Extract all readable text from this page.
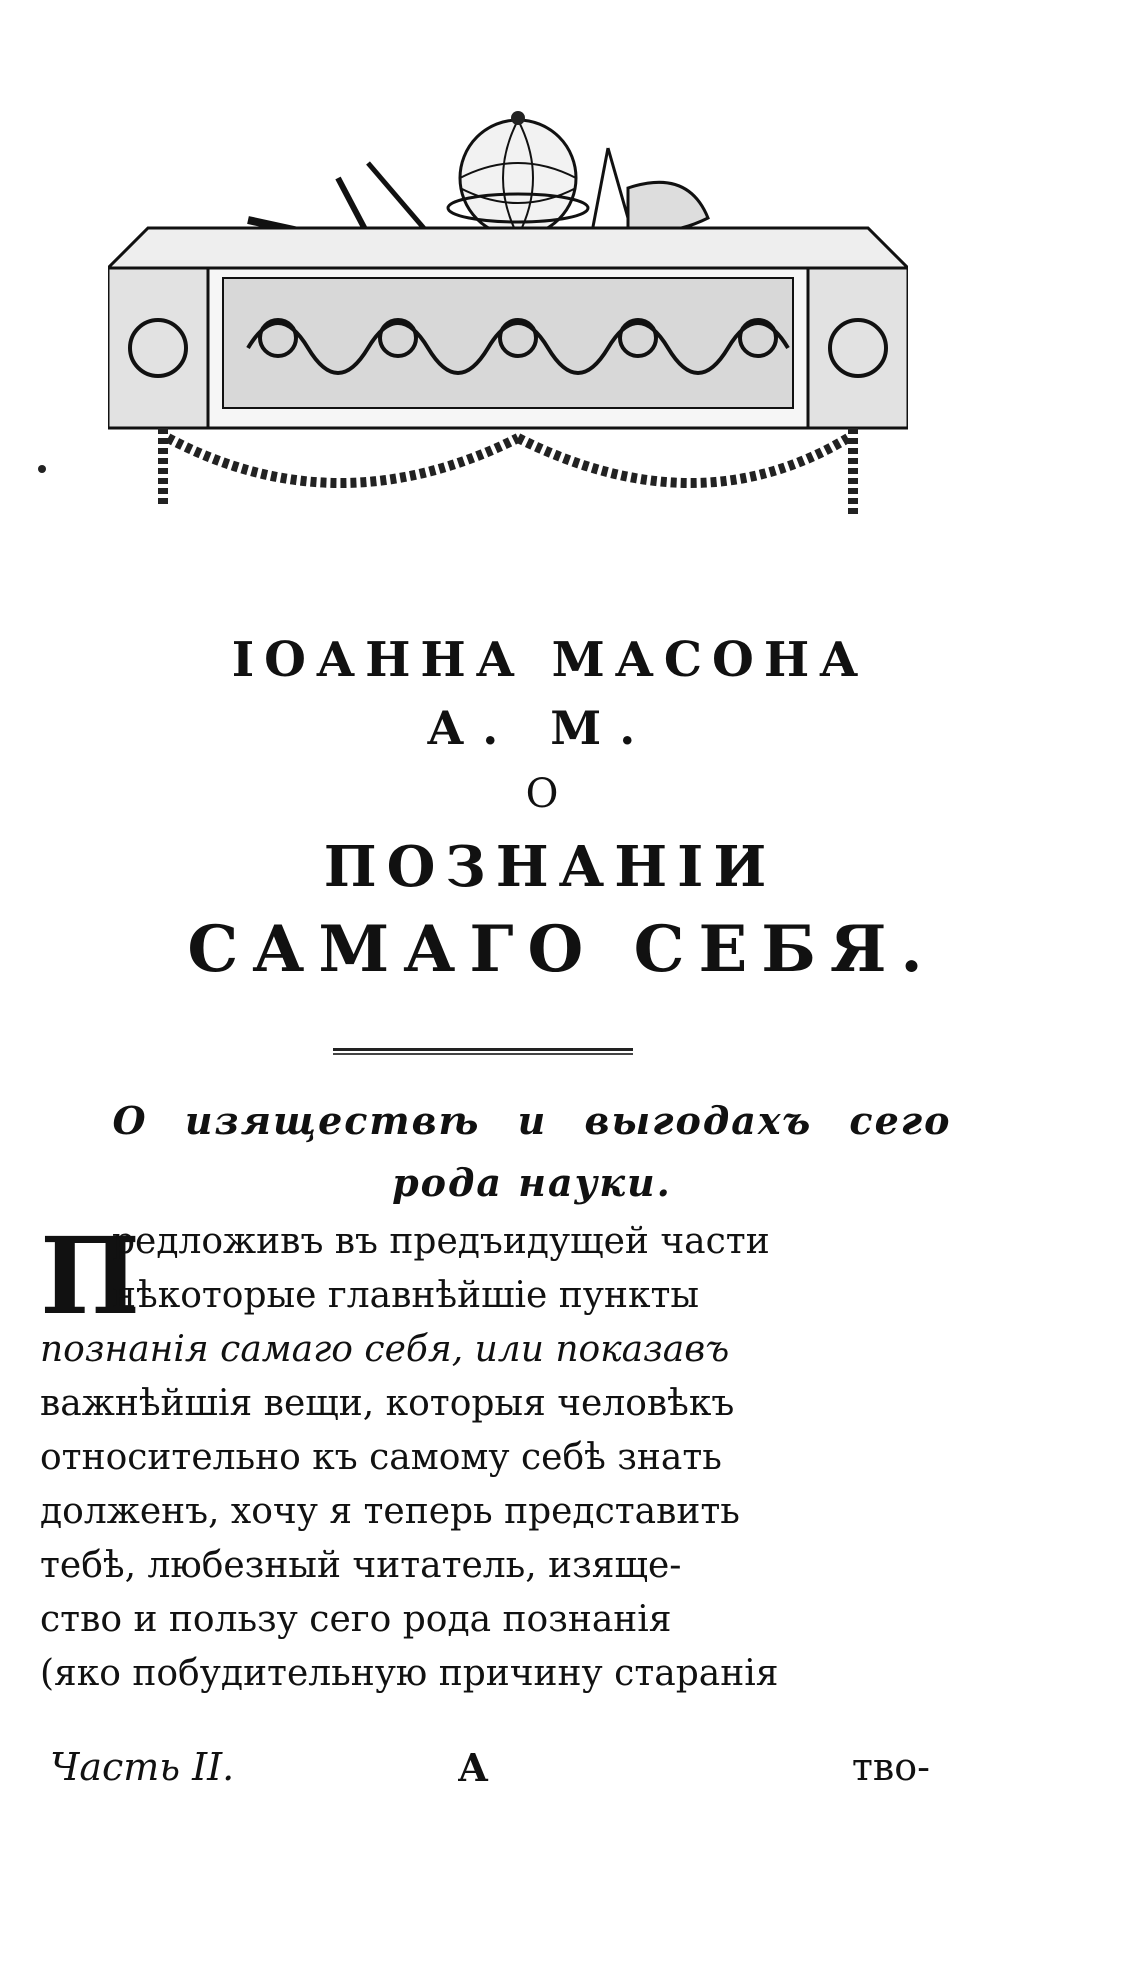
ІОАННА МАСОНА

А. М.

О

ПОЗНАНІИ

САМАГО СЕБЯ.

О изяществѣ и выгодахъ сего
рода науки.
П
редложивъ въ предъидущей части
нѣкоторые главнѣйшіе пункты
познанія самаго себя, или показавъ
важнѣйшія вещи, которыя человѣкъ
относительно къ самому себѣ знать
долженъ, хочу я теперь представить
тебѣ, любезный читатель, изяще-
ство и пользу сего рода познанія
(яко побудительную причину старанія
Часть II.	А	тво-
